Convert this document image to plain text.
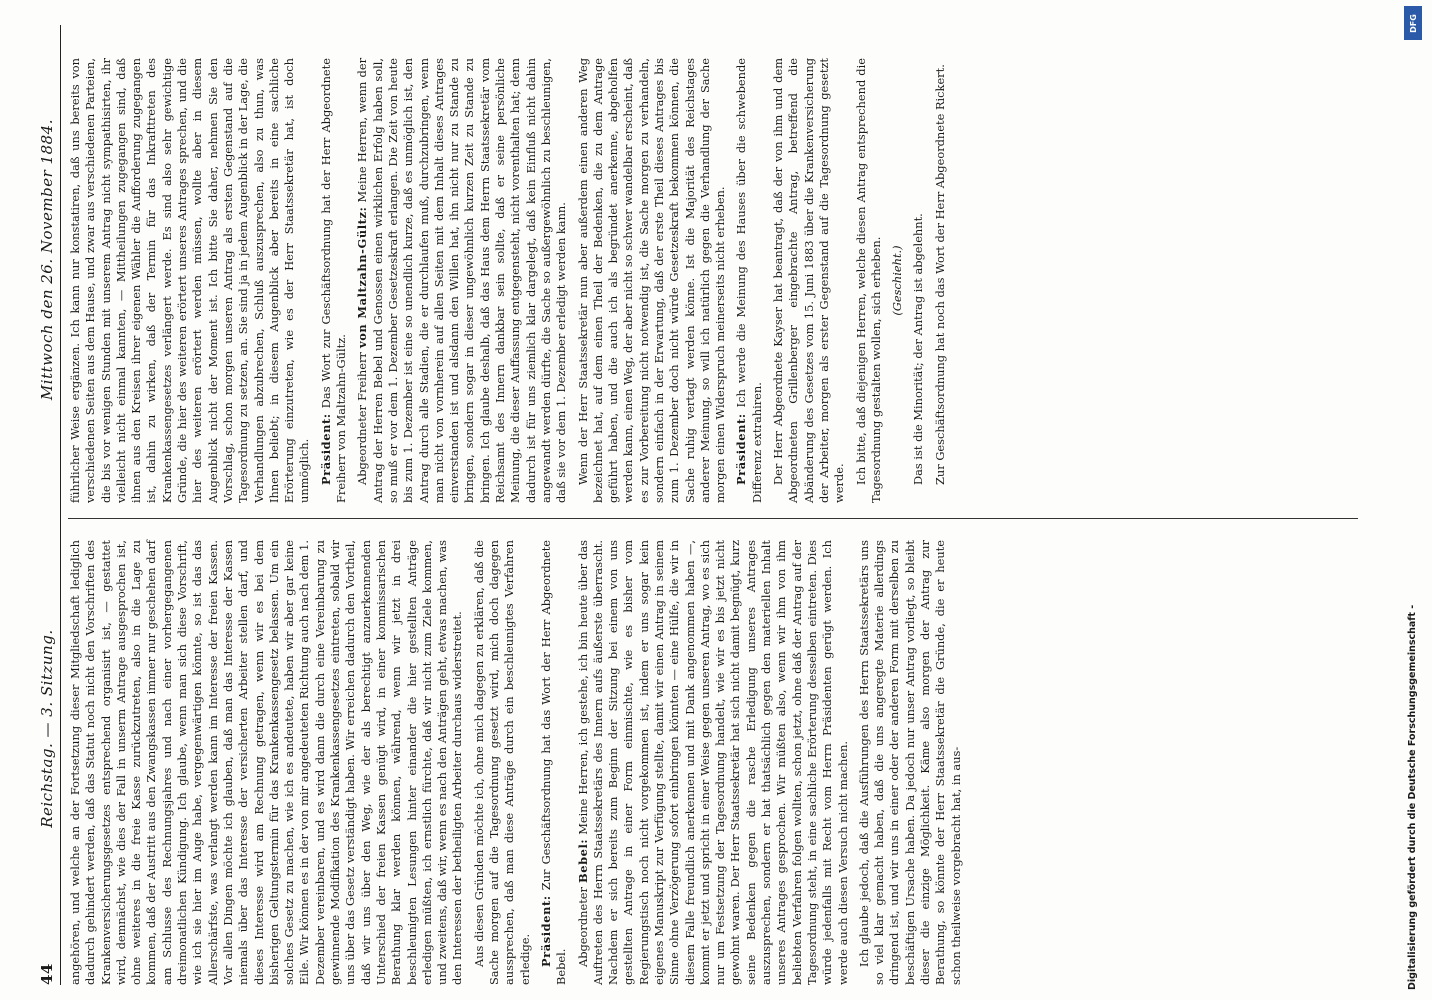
44
Reichstag. — 3. Sitzung.
Mittwoch den 26. November 1884.

angehören, und welche an der Fortsetzung dieser Mitgliedschaft lediglich dadurch gehindert werden, daß das Statut noch nicht den Vorschriften des Krankenversicherungsgesetzes entsprechend organisirt ist, — gestattet wird, demnächst, wie dies der Fall in unserm Antrage ausgesprochen ist, ohne weiteres in die freie Kasse zurückzutreten, also in die Lage zu kommen, daß der Austritt aus den Zwangskassen immer nur geschehen darf am Schlusse des Rechnungsjahres und nach einer vorhergegangenen dreimonatlichen Kündigung. Ich glaube, wenn man sich diese Vorschrift, wie ich sie hier im Auge habe, vergegenwärtigen könnte, so ist das das Allerschärfste, was verlangt werden kann im Interesse der freien Kassen. Vor allen Dingen möchte ich glauben, daß man das Interesse der Kassen niemals über das Interesse der versicherten Arbeiter stellen darf, und dieses Interesse wird am Rechnung getragen, wenn wir es bei dem bisherigen Geltungstermin für das Krankenkassengesetz belassen. Um ein solches Gesetz zu machen, wie ich es andeutete, haben wir aber gar keine Eile. Wir können es in der von mir angedeuteten Richtung auch nach dem 1. Dezember vereinbaren, und es wird dann die durch eine Vereinbarung zu gewinnende Modifikation des Krankenkassengesetzes eintreten, sobald wir uns über das Gesetz verständigt haben. Wir erreichen dadurch den Vortheil, daß wir uns über den Weg, wie der als berechtigt anzuerkennenden Unterschied der freien Kassen genügt wird, in einer kommissarischen Berathung klar werden können, während, wenn wir jetzt in drei beschleunigten Lesungen hinter einander die hier gestellten Anträge erledigen müßten, ich ernstlich fürchte, daß wir nicht zum Ziele kommen, und zweitens, daß wir, wenn es nach den Anträgen geht, etwas machen, was den Interessen der betheiligten Arbeiter durchaus widerstreitet. Aus diesen Gründen möchte ich, ohne mich dagegen zu erklären, daß die Sache morgen auf die Tagesordnung gesetzt wird, mich doch dagegen aussprechen, daß man diese Anträge durch ein beschleunigtes Verfahren erledige. Präsident: Zur Geschäftsordnung hat das Wort der Herr Abgeordnete Bebel. Abgeordneter Bebel: Meine Herren, ich gestehe, ich bin heute über das Auftreten des Herrn Staatssekretärs des Innern aufs äußerste überrascht. Nachdem er sich bereits zum Beginn der Sitzung bei einem von uns gestellten Antrage in einer Form einmischte, wie es bisher vom Regierungstisch noch nicht vorgekommen ist, indem er uns sogar kein eigenes Manuskript zur Verfügung stellte, damit wir einen Antrag in seinem Sinne ohne Verzögerung sofort einbringen könnten — eine Hülfe, die wir in diesem Falle freundlich anerkennen und mit Dank angenommen haben —, kommt er jetzt und spricht in einer Weise gegen unseren Antrag, wo es sich nur um Festsetzung der Tagesordnung handelt, wie wir es bis jetzt nicht gewohnt waren. Der Herr Staatssekretär hat sich nicht damit begnügt, kurz seine Bedenken gegen die rasche Erledigung unseres Antrages auszusprechen, sondern er hat thatsächlich gegen den materiellen Inhalt unseres Antrages gesprochen. Wir müßten also, wenn wir ihm von ihm beliebten Verfahren folgen wollten, schon jetzt, ohne daß der Antrag auf der Tagesordnung steht, in eine sachliche Erörterung desselben eintreten. Dies würde jedenfalls mit Recht vom Herrn Präsidenten gerügt werden. Ich werde auch diesen Versuch nicht machen. Ich glaube jedoch, daß die Ausführungen des Herrn Staatssekretärs uns so viel klar gemacht haben, daß die uns angeregte Materie allerdings dringend ist, und wir uns in einer oder der anderen Form mit derselben zu beschäftigen Ursache haben. Da jedoch nur unser Antrag vorliegt, so bleibt dieser die einzige Möglichkeit. Käme also morgen der Antrag zur Berathung, so könnte der Herr Staatssekretär die Gründe, die er heute schon theilweise vorgebracht hat, in aus-

führlicher Weise ergänzen. Ich kann nur konstatiren, daß uns bereits von verschiedenen Seiten aus dem Hause, und zwar aus verschiedenen Parteien, die bis vor wenigen Stunden mit unserem Antrag nicht sympathisirten, ihr vielleicht nicht einmal kannten, — Mittheilungen zugegangen sind, daß ihnen aus den Kreisen ihrer eigenen Wähler die Aufforderung zugegangen ist, dahin zu wirken, daß der Termin für das Inkrafttreten des Krankenkassengesetzes verlängert werde. Es sind also sehr gewichtige Gründe, die hier des weiteren erörtert unseres Antrages sprechen, und die hier des weiteren erörtert werden müssen, wollte aber in diesem Augenblick nicht der Moment ist. Ich bitte Sie daher, nehmen Sie den Vorschlag, schon morgen unseren Antrag als ersten Gegenstand auf die Tagesordnung zu setzen, an. Sie sind ja in jedem Augenblick in der Lage, die Verhandlungen abzubrechen, Schluß auszusprechen, also zu thun, was Ihnen beliebt; in diesem Augenblick aber bereits in eine sachliche Erörterung einzutreten, wie es der Herr Staatssekretär hat, ist doch unmöglich. Präsident: Das Wort zur Geschäftsordnung hat der Herr Abgeordnete Freiherr von Maltzahn-Gültz. Abgeordneter Freiherr von Maltzahn-Gültz: Meine Herren, wenn der Antrag der Herren Bebel und Genossen einen wirklichen Erfolg haben soll, so muß er vor dem 1. Dezember Gesetzeskraft erlangen. Die Zeit von heute bis zum 1. Dezember ist eine so unendlich kurze, daß es unmöglich ist, den Antrag durch alle Stadien, die er durchlaufen muß, durchzubringen, wenn man nicht von vornherein auf allen Seiten mit dem Inhalt dieses Antrages einverstanden ist und alsdann den Willen hat, ihn nicht nur zu Stande zu bringen, sondern sogar in dieser ungewöhnlich kurzen Zeit zu Stande zu bringen. Ich glaube deshalb, daß das Haus dem Herrn Staatssekretär vom Reichsamt des Innern dankbar sein sollte, daß er seine persönliche Meinung, die dieser Auffassung entgegensteht, nicht vorenthalten hat; denn dadurch ist für uns ziemlich klar dargelegt, daß kein Einfluß nicht dahin angewandt werden dürfte, die Sache so außergewöhnlich zu beschleunigen, daß sie vor dem 1. Dezember erledigt werden kann. Wenn der Herr Staatssekretär nun aber außerdem einen anderen Weg bezeichnet hat, auf dem einen Theil der Bedenken, die zu dem Antrage geführt haben, und die auch ich als begründet anerkenne, abgeholfen werden kann, einen Weg, der aber nicht so schwer wandelbar erscheint, daß es zur Vorbereitung nicht notwendig ist, die Sache morgen zu verhandeln, sondern einfach in der Erwartung, daß der erste Theil dieses Antrages bis zum 1. Dezember doch nicht würde Gesetzeskraft bekommen können, die Sache ruhig vertagt werden könne. Ist die Majorität des Reichstages anderer Meinung, so will ich natürlich gegen die Verhandlung der Sache morgen einen Widerspruch meinerseits nicht erheben. Präsident: Ich werde die Meinung des Hauses über die schwebende Differenz extrahiren. Der Herr Abgeordnete Kayser hat beantragt, daß der von ihm und dem Abgeordneten Grillenberger eingebrachte Antrag, betreffend die Abänderung des Gesetzes vom 15. Juni 1883 über die Krankenversicherung der Arbeiter, morgen als erster Gegenstand auf die Tagesordnung gesetzt werde. Ich bitte, daß diejenigen Herren, welche diesen Antrag entsprechend die Tagesordnung gestalten wollen, sich erheben. (Geschieht.) Das ist die Minorität; der Antrag ist abgelehnt. Zur Geschäftsordnung hat noch das Wort der Herr Abgeordnete Rickert.

DFG
Digitalisierung gefördert durch die Deutsche Forschungsgemeinschaft -
